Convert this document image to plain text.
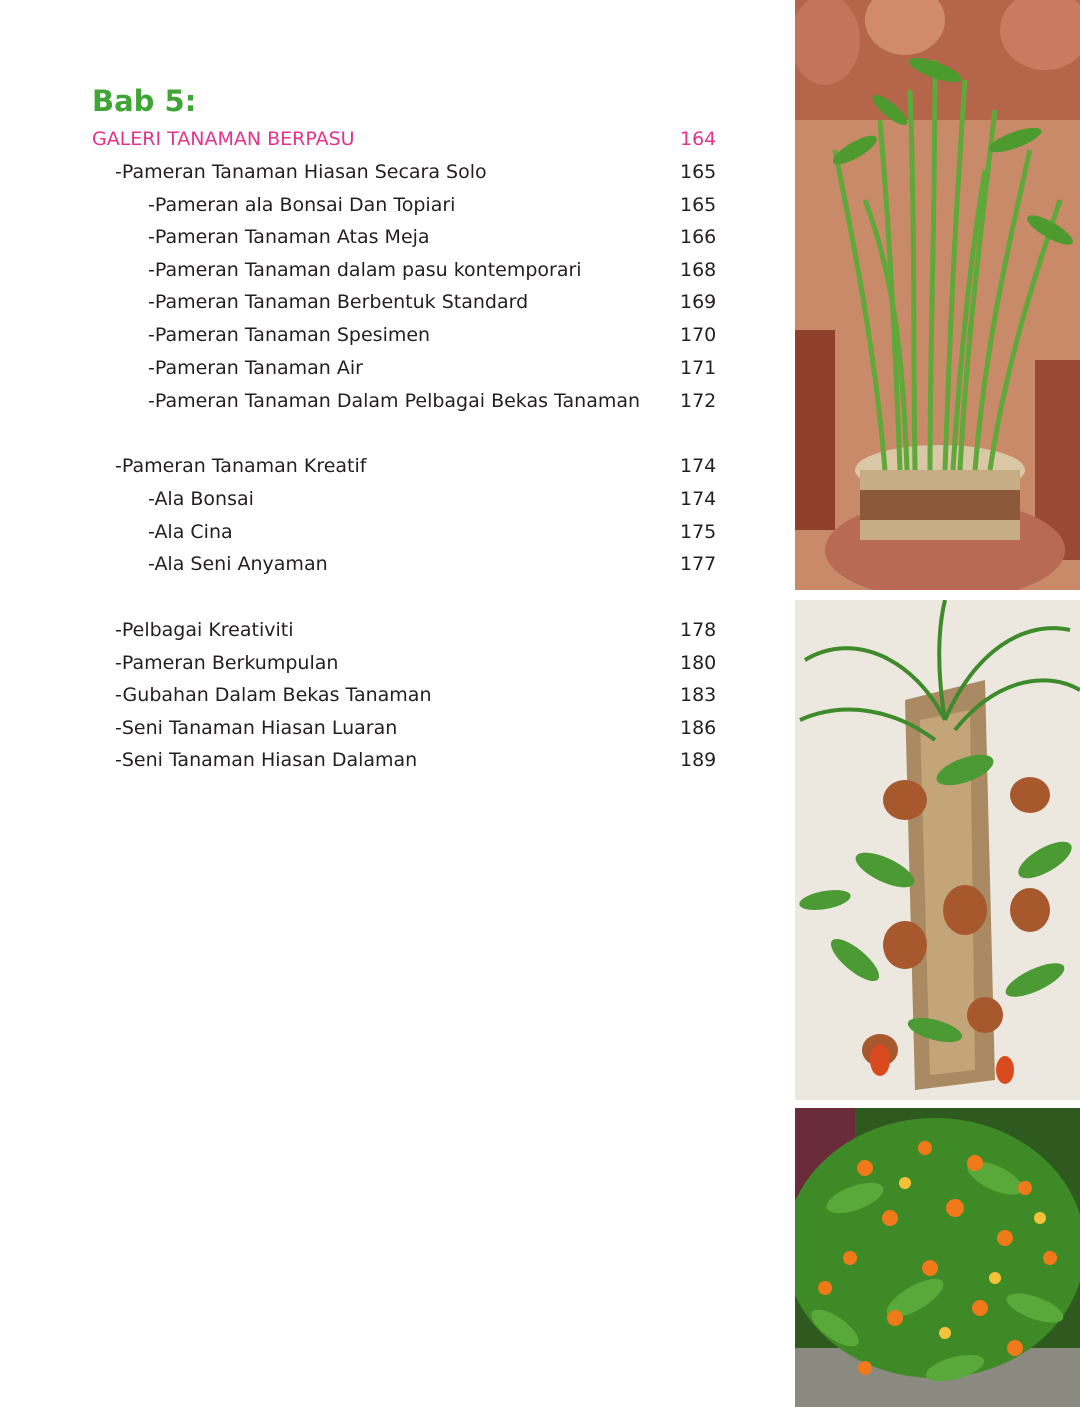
Bab 5:
GALERI TANAMAN BERPASU	164
-Pameran Tanaman Hiasan Secara Solo	165
-Pameran ala Bonsai Dan Topiari	165
-Pameran Tanaman Atas Meja	166
-Pameran Tanaman dalam pasu kontemporari	168
-Pameran Tanaman Berbentuk Standard	169
-Pameran Tanaman Spesimen	170
-Pameran Tanaman Air	171
-Pameran Tanaman Dalam Pelbagai Bekas Tanaman 172
-Pameran Tanaman Kreatif	174
-Ala Bonsai	174
-Ala Cina	175
-Ala Seni Anyaman	177
-Pelbagai Kreativiti	178
-Pameran Berkumpulan	180
-Gubahan Dalam Bekas Tanaman	183
-Seni Tanaman Hiasan Luaran	186
-Seni Tanaman Hiasan Dalaman	189
